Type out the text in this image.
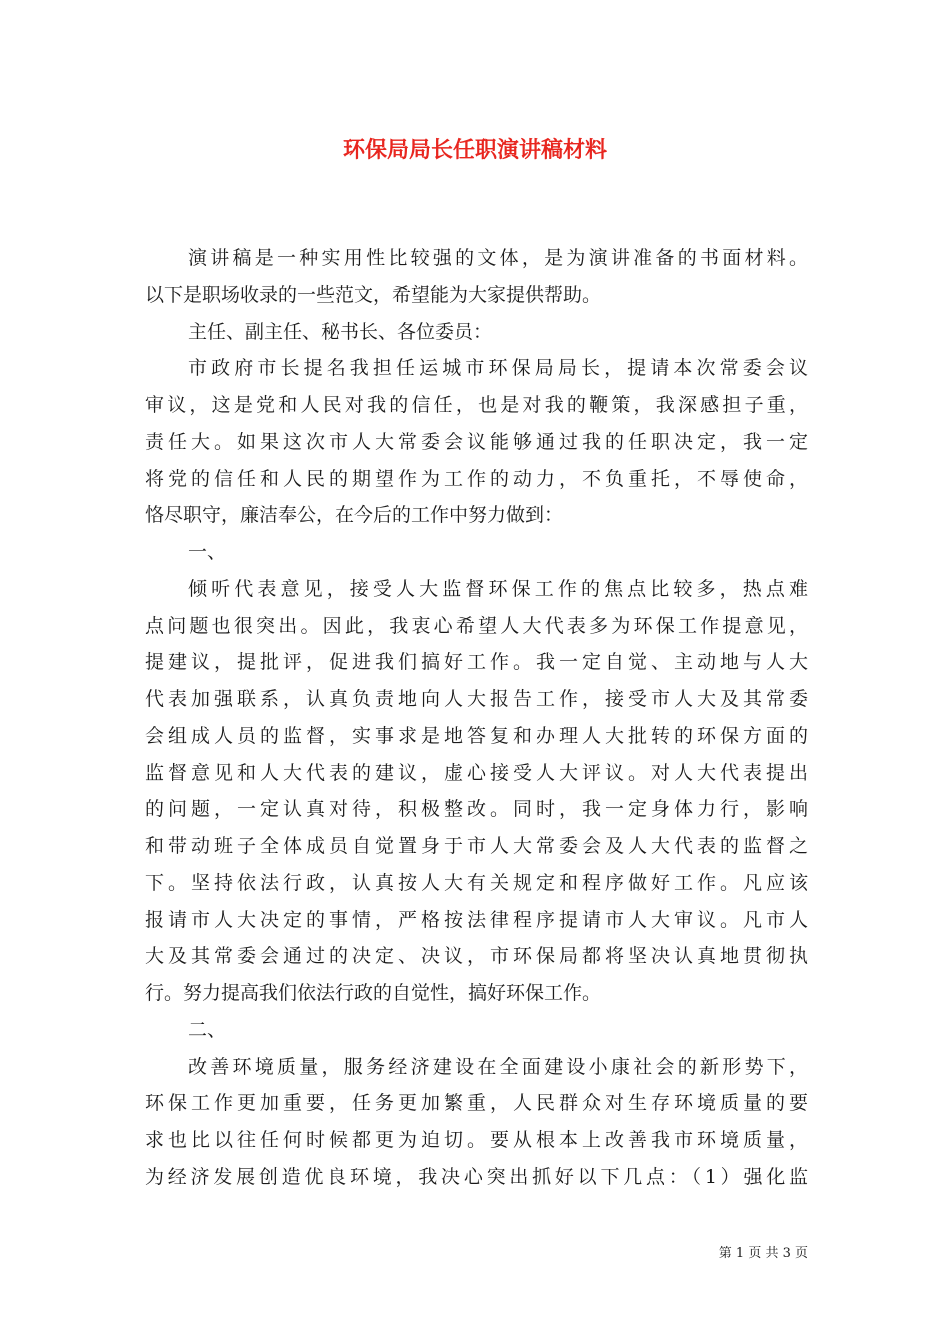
环保局局长任职演讲稿材料
演讲稿是一种实用性比较强的文体，是为演讲准备的书面材料。
以下是职场收录的一些范文，希望能为大家提供帮助。
主任、副主任、秘书长、各位委员：
市政府市长提名我担任运城市环保局局长，提请本次常委会议
审议，这是党和人民对我的信任，也是对我的鞭策，我深感担子重，
责任大。如果这次市人大常委会议能够通过我的任职决定，我一定
将党的信任和人民的期望作为工作的动力，不负重托，不辱使命，
恪尽职守，廉洁奉公，在今后的工作中努力做到：
一、
倾听代表意见，接受人大监督环保工作的焦点比较多，热点难
点问题也很突出。因此，我衷心希望人大代表多为环保工作提意见，
提建议，提批评，促进我们搞好工作。我一定自觉、主动地与人大
代表加强联系，认真负责地向人大报告工作，接受市人大及其常委
会组成人员的监督，实事求是地答复和办理人大批转的环保方面的
监督意见和人大代表的建议，虚心接受人大评议。对人大代表提出
的问题，一定认真对待，积极整改。同时，我一定身体力行，影响
和带动班子全体成员自觉置身于市人大常委会及人大代表的监督之
下。坚持依法行政，认真按人大有关规定和程序做好工作。凡应该
报请市人大决定的事情，严格按法律程序提请市人大审议。凡市人
大及其常委会通过的决定、决议，市环保局都将坚决认真地贯彻执
行。努力提高我们依法行政的自觉性，搞好环保工作。
二、
改善环境质量，服务经济建设在全面建设小康社会的新形势下，
环保工作更加重要，任务更加繁重，人民群众对生存环境质量的要
求也比以往任何时候都更为迫切。要从根本上改善我市环境质量，
为经济发展创造优良环境，我决心突出抓好以下几点：（1）强化监
第 1 页 共 3 页
